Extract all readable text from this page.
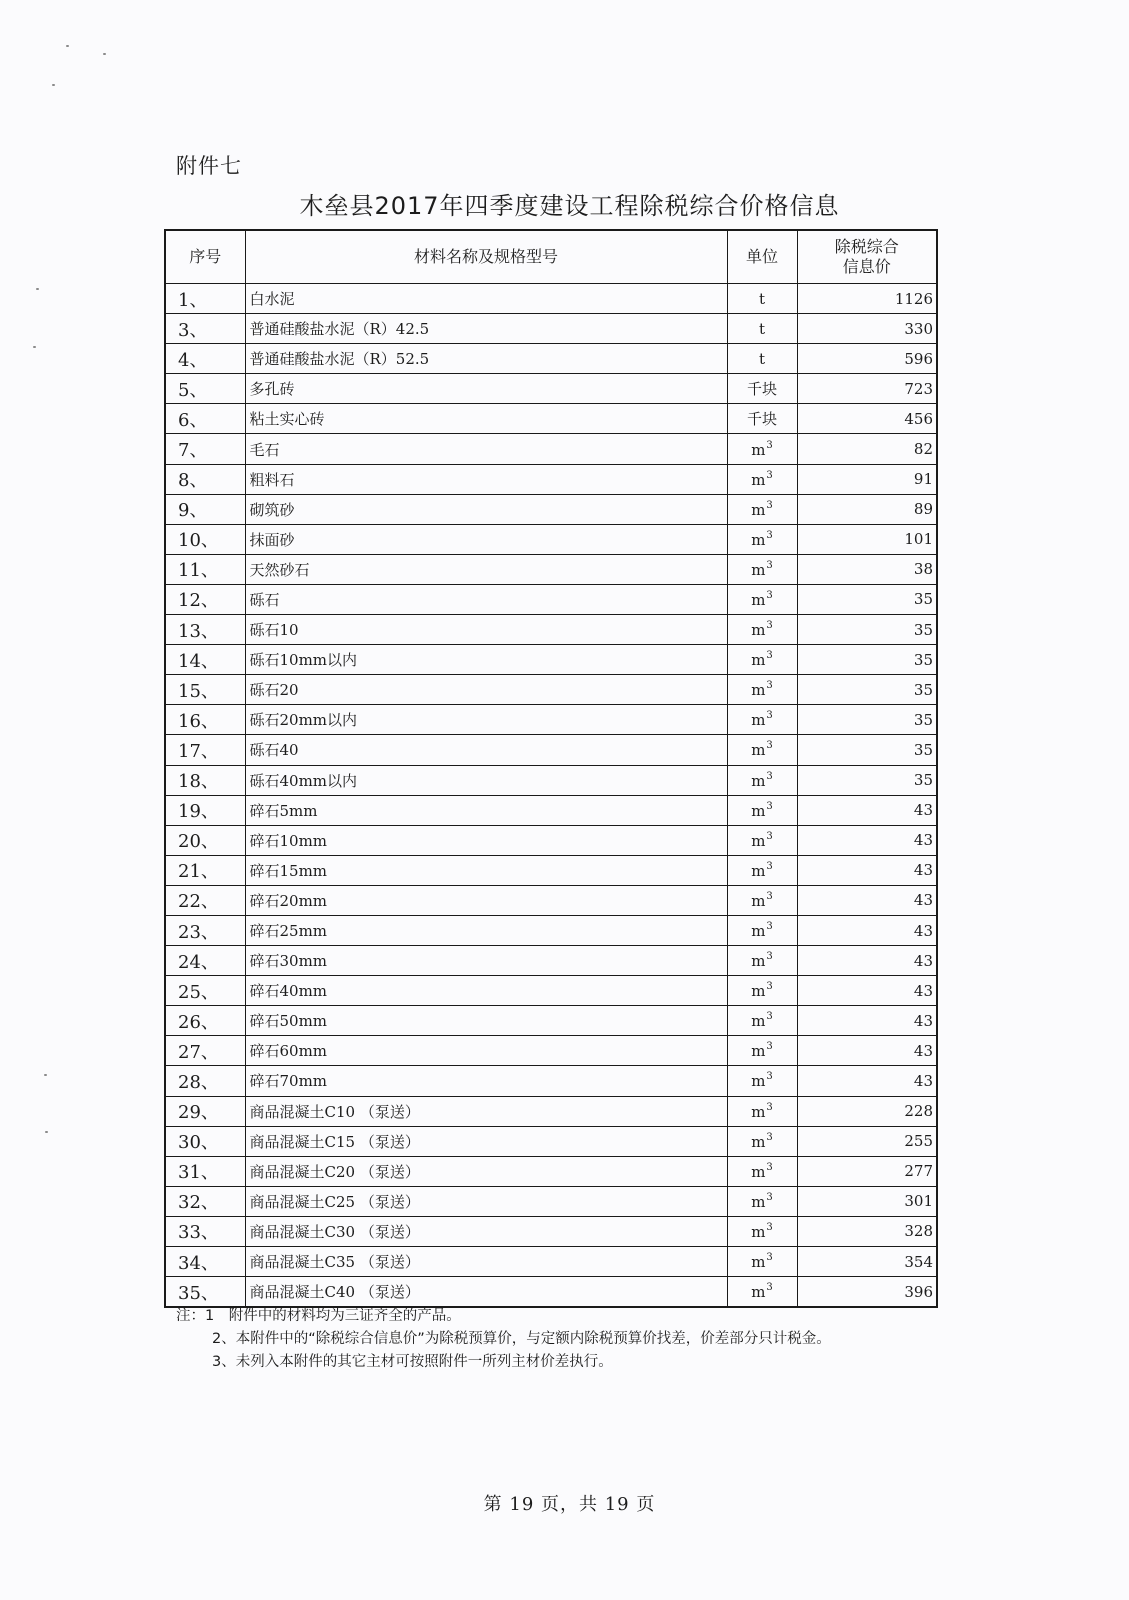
附件七
木垒县2017年四季度建设工程除税综合价格信息
序号	材料名称及规格型号	单位	除税综合
信息价

1、	白水泥	t	1126
3、	普通硅酸盐水泥（R）42.5	t	330
4、	普通硅酸盐水泥（R）52.5	t	596
5、	多孔砖	千块	723
6、	粘土实心砖	千块	456
7、	毛石	$m^3$	82
8、	粗料石	$m^3$	91
9、	砌筑砂	$m^3$	89
10、	抹面砂	$m^3$	101
11、	天然砂石	$m^3$	38
12、	砾石	$m^3$	35
13、	砾石10	$m^3$	35
14、	砾石10mm以内	$m^3$	35
15、	砾石20	$m^3$	35
16、	砾石20mm以内	$m^3$	35
17、	砾石40	$m^3$	35
18、	砾石40mm以内	$m^3$	35
19、	碎石5mm	$m^3$	43
20、	碎石10mm	$m^3$	43
21、	碎石15mm	$m^3$	43
22、	碎石20mm	$m^3$	43
23、	碎石25mm	$m^3$	43
24、	碎石30mm	$m^3$	43
25、	碎石40mm	$m^3$	43
26、	碎石50mm	$m^3$	43
27、	碎石60mm	$m^3$	43
28、	碎石70mm	$m^3$	43
29、	商品混凝土C10 （泵送）	$m^3$	228
30、	商品混凝土C15 （泵送）	$m^3$	255
31、	商品混凝土C20 （泵送）	$m^3$	277
32、	商品混凝土C25 （泵送）	$m^3$	301
33、	商品混凝土C30 （泵送）	$m^3$	328
34、	商品混凝土C35 （泵送）	$m^3$	354
35、	商品混凝土C40 （泵送）	$m^3$	396
注：1　附件中的材料均为三证齐全的产品。
2、本附件中的“除税综合信息价”为除税预算价，与定额内除税预算价找差，价差部分只计税金。
3、未列入本附件的其它主材可按照附件一所列主材价差执行。
第 19 页，共 19 页
